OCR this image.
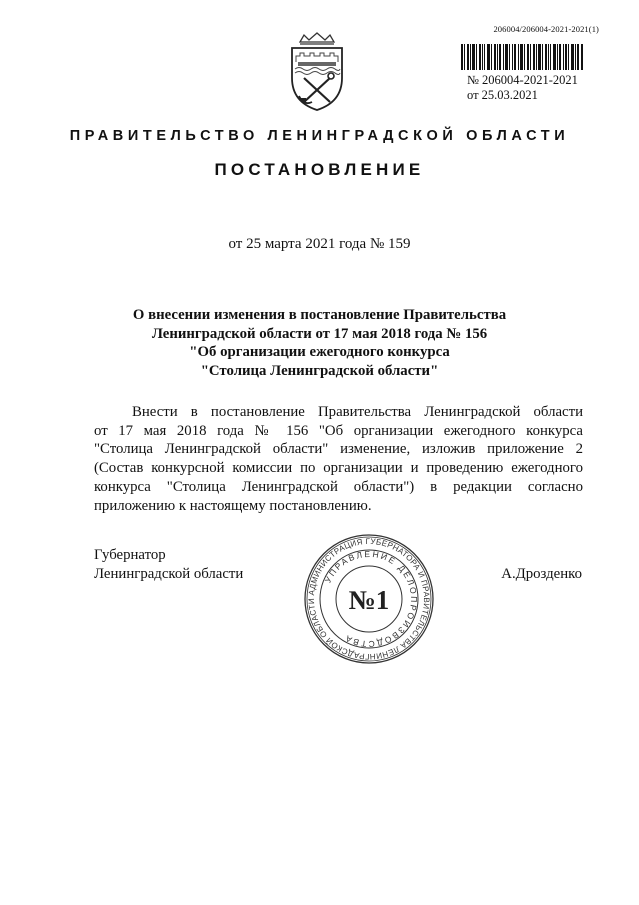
206004/206004-2021-2021(1)
№ 206004-2021-2021
от 25.03.2021
ПРАВИТЕЛЬСТВО ЛЕНИНГРАДСКОЙ ОБЛАСТИ
ПОСТАНОВЛЕНИЕ
от 25 марта 2021 года № 159
О внесении изменения в постановление Правительства
Ленинградской области от 17 мая 2018 года № 156
"Об организации ежегодного конкурса
"Столица Ленинградской области"
Внести в постановление Правительства Ленинградской области
от 17 мая 2018 года № 156 "Об организации ежегодного конкурса
"Столица Ленинградской области" изменение, изложив приложение 2
(Состав конкурсной комиссии по организации и проведению ежегодного
конкурса "Столица Ленинградской области") в редакции согласно
приложению к настоящему постановлению.
Губернатор
Ленинградской области	А.Дрозденко
АДМИНИСТРАЦИЯ ГУБЕРНАТОРА И ПРАВИТЕЛЬСТВА ЛЕНИНГРАДСКОЙ ОБЛАСТИ
УПРАВЛЕНИЕ ДЕЛОПРОИЗВОДСТВА
№1
